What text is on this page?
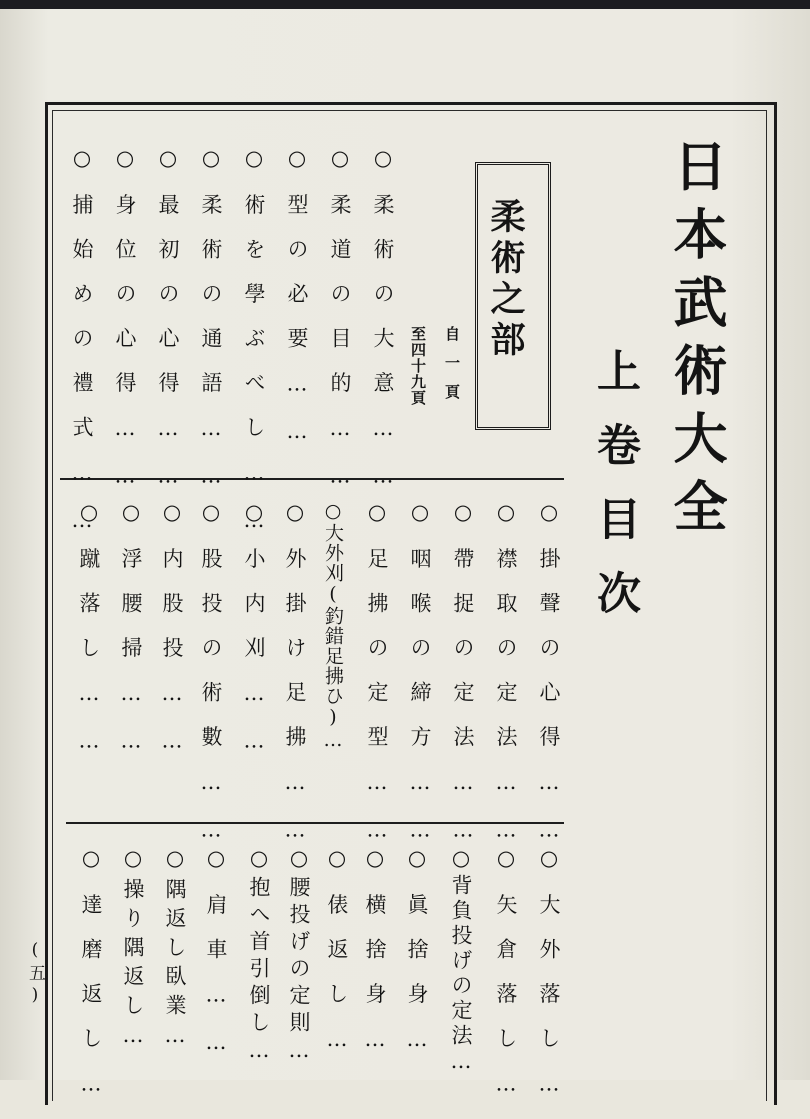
日本武術大全
上卷目次
柔術之部
自一頁
至四十九頁
○柔術の大意……
○柔道の目的……
○型の必要……
○術を學ぶべし……
○柔術の通語……
○最初の心得……
○身位の心得……
○捕始めの禮式……
○掛聲の心得……
○襟取の定法……
○帶捉の定法……
○咽喉の締方……
○足拂の定型……
○大外刈(釣錯足拂ひ)…
○外掛け足拂……
○小内刈……
○股投の術數……
○内股投……
○浮腰掃……
○蹴落し……
○大外落し…
○矢倉落し…
○背負投げの定法…
○眞捨身…
○横捨身…
○俵返し…
○腰投げの定則…
○抱へ首引倒し…
○肩車……
○隅返し臥業…
○操り隅返し…
○達磨返し…
(五)
